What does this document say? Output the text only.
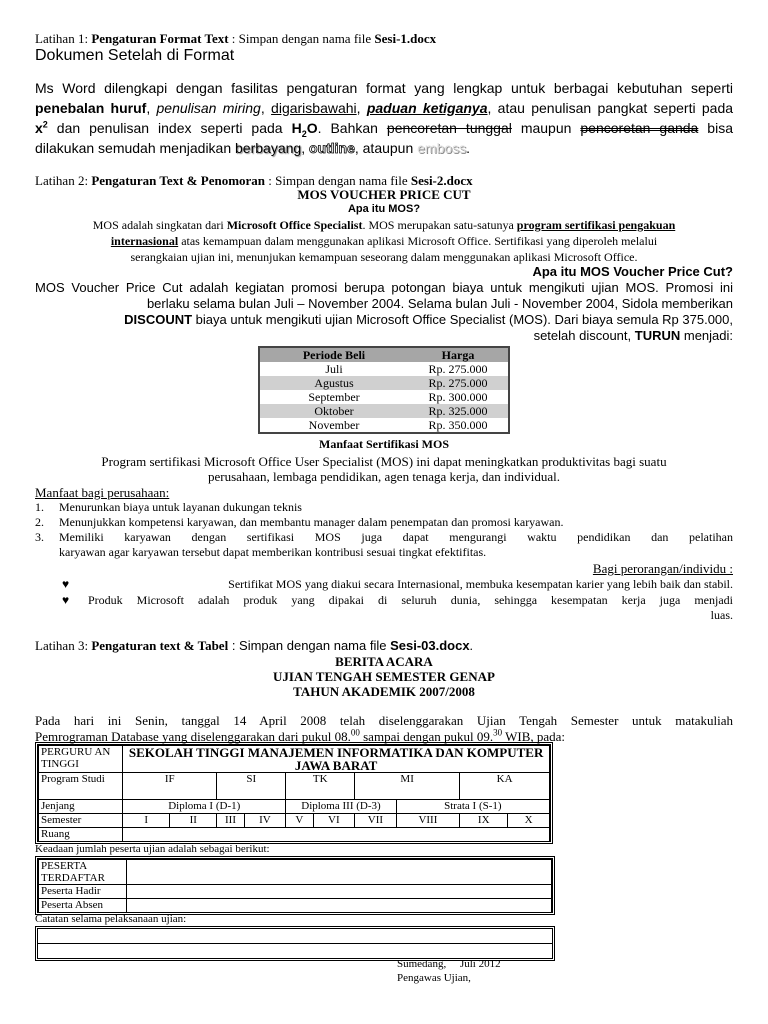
Latihan 1: Pengaturan Format Text : Simpan dengan nama file Sesi-1.docx
Dokumen Setelah di Format
Ms Word dilengkapi dengan fasilitas pengaturan format yang lengkap untuk berbagai kebutuhan seperti
penebalan huruf, penulisan miring, digarisbawahi, paduan ketiganya, atau penulisan pangkat seperti pada
$x^2$ dan penulisan index seperti pada $H_2O$. Bahkan pencoretan tunggal maupun pencoretan ganda bisa
dilakukan semudah menjadikan berbayang, outline, ataupun emboss.
Latihan 2: Pengaturan Text & Penomoran : Simpan dengan nama file Sesi-2.docx
MOS VOUCHER PRICE CUT
Apa itu MOS?
MOS adalah singkatan dari Microsoft Office Specialist. MOS merupakan satu-satunya program sertifikasi pengakuan
internasional atas kemampuan dalam menggunakan aplikasi Microsoft Office. Sertifikasi yang diperoleh melalui
serangkaian ujian ini, menunjukan kemampuan seseorang dalam menggunakan aplikasi Microsoft Office.
Apa itu MOS Voucher Price Cut?
MOS Voucher Price Cut adalah kegiatan promosi berupa potongan biaya untuk mengikuti ujian MOS. Promosi ini
berlaku selama bulan Juli – November 2004. Selama bulan Juli - November 2004, Sidola memberikan
DISCOUNT biaya untuk mengikuti ujian Microsoft Office Specialist (MOS). Dari biaya semula Rp 375.000,
setelah discount, TURUN menjadi:
Periode Beli	Harga
Juli	Rp. 275.000
Agustus	Rp. 275.000
September	Rp. 300.000
Oktober	Rp. 325.000
November	Rp. 350.000
Manfaat Sertifikasi MOS
Program sertifikasi Microsoft Office User Specialist (MOS) ini dapat meningkatkan produktivitas bagi suatu
perusahaan, lembaga pendidikan, agen tenaga kerja, dan individual.
Manfaat bagi perusahaan:
1.	Menurunkan biaya untuk layanan dukungan teknis
2.	Menunjukkan kompetensi karyawan, dan membantu manager dalam penempatan dan promosi karyawan.
3.	Memiliki karyawan dengan sertifikasi MOS juga dapat mengurangi waktu pendidikan dan pelatihan
karyawan agar karyawan tersebut dapat memberikan kontribusi sesuai tingkat efektifitas.
Bagi perorangan/individu :
♥	Sertifikat MOS yang diakui secara Internasional, membuka kesempatan karier yang lebih baik dan stabil.
♥	Produk Microsoft adalah produk yang dipakai di seluruh dunia, sehingga kesempatan kerja juga menjadi
luas.
Latihan 3: Pengaturan text & Tabel : Simpan dengan nama file Sesi-03.docx.
BERITA ACARA
UJIAN TENGAH SEMESTER GENAP
TAHUN AKADEMIK 2007/2008
Pada hari ini Senin, tanggal 14 April 2008 telah diselenggarakan Ujian Tengah Semester untuk matakuliah
Pemrograman Database yang diselenggarakan dari pukul 08.00 sampai dengan pukul 09.30 WIB, pada:
PERGURU AN TINGGI	SEKOLAH TINGGI MANAJEMEN INFORMATIKA DAN KOMPUTER JAWA BARAT									
Program Studi	IF		SI		TK		MI		KA	
Jenjang	Diploma I (D-1)				Diploma III (D-3)			Strata I (S-1)		
Semester	I	II	III	IV	V	VI	VII	VIII	IX	X
Ruang										
Keadaan jumlah peserta ujian adalah sebagai berikut:
PESERTA TERDAFTAR	
Peserta Hadir	
Peserta Absen	
Catatan selama pelaksanaan ujian:
Sumedang,     Juli 2012
Pengawas Ujian,
